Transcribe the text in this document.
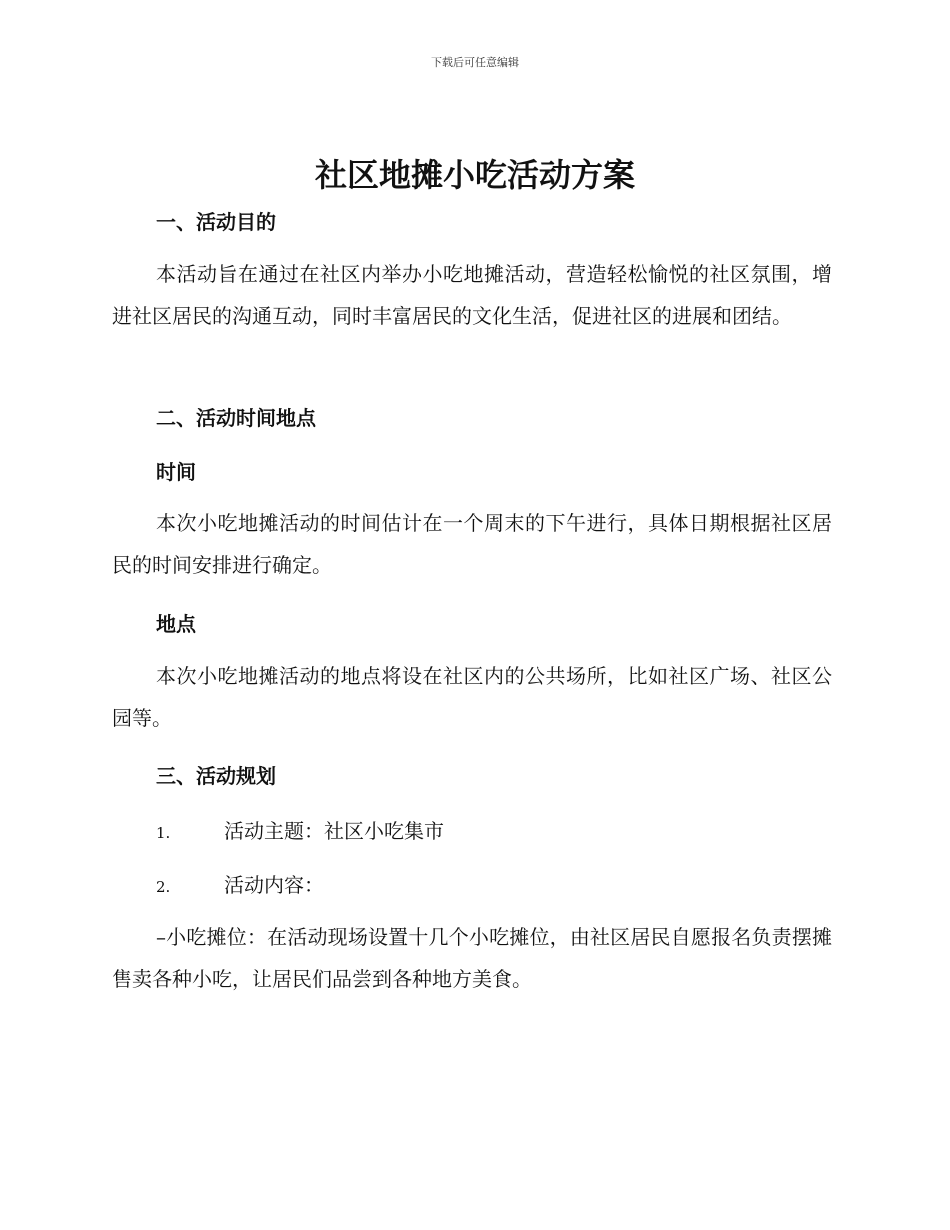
下载后可任意编辑
社区地摊小吃活动方案
一、活动目的

本活动旨在通过在社区内举办小吃地摊活动，营造轻松愉悦的社区氛围，增进社区居民的沟通互动，同时丰富居民的文化生活，促进社区的进展和团结。

二、活动时间地点
时间

本次小吃地摊活动的时间估计在一个周末的下午进行，具体日期根据社区居民的时间安排进行确定。

地点

本次小吃地摊活动的地点将设在社区内的公共场所，比如社区广场、社区公园等。

三、活动规划
1.	活动主题：社区小吃集市
2.	活动内容：

–小吃摊位：在活动现场设置十几个小吃摊位，由社区居民自愿报名负责摆摊售卖各种小吃，让居民们品尝到各种地方美食。
